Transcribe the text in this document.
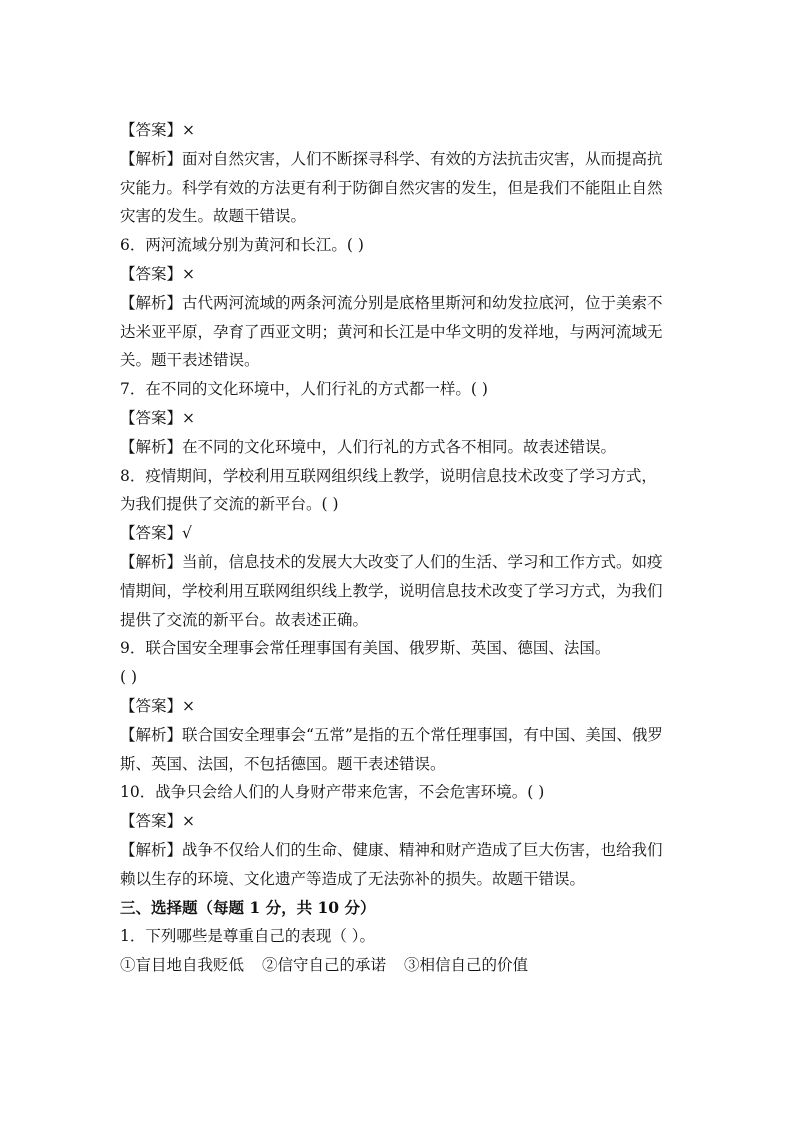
【答案】×
【解析】面对自然灾害，人们不断探寻科学、有效的方法抗击灾害，从而提高抗
灾能力。科学有效的方法更有利于防御自然灾害的发生，但是我们不能阻止自然
灾害的发生。故题干错误。
6．两河流域分别为黄河和长江。( )
【答案】×
【解析】古代两河流域的两条河流分别是底格里斯河和幼发拉底河，位于美索不
达米亚平原，孕育了西亚文明；黄河和长江是中华文明的发祥地，与两河流域无
关。题干表述错误。
7．在不同的文化环境中，人们行礼的方式都一样。( )
【答案】×
【解析】在不同的文化环境中，人们行礼的方式各不相同。故表述错误。
8．疫情期间，学校利用互联网组织线上教学，说明信息技术改变了学习方式，
为我们提供了交流的新平台。( )
【答案】√
【解析】当前，信息技术的发展大大改变了人们的生活、学习和工作方式。如疫
情期间，学校利用互联网组织线上教学，说明信息技术改变了学习方式，为我们
提供了交流的新平台。故表述正确。
9．联合国安全理事会常任理事国有美国、俄罗斯、英国、德国、法国。
( )
【答案】×
【解析】联合国安全理事会“五常”是指的五个常任理事国，有中国、美国、俄罗
斯、英国、法国，不包括德国。题干表述错误。
10．战争只会给人们的人身财产带来危害，不会危害环境。( )
【答案】×
【解析】战争不仅给人们的生命、健康、精神和财产造成了巨大伤害，也给我们
赖以生存的环境、文化遗产等造成了无法弥补的损失。故题干错误。
三、选择题（每题 1 分，共 10 分）
1．下列哪些是尊重自己的表现（ ）。
①盲目地自我贬低 ②信守自己的承诺 ③相信自己的价值
